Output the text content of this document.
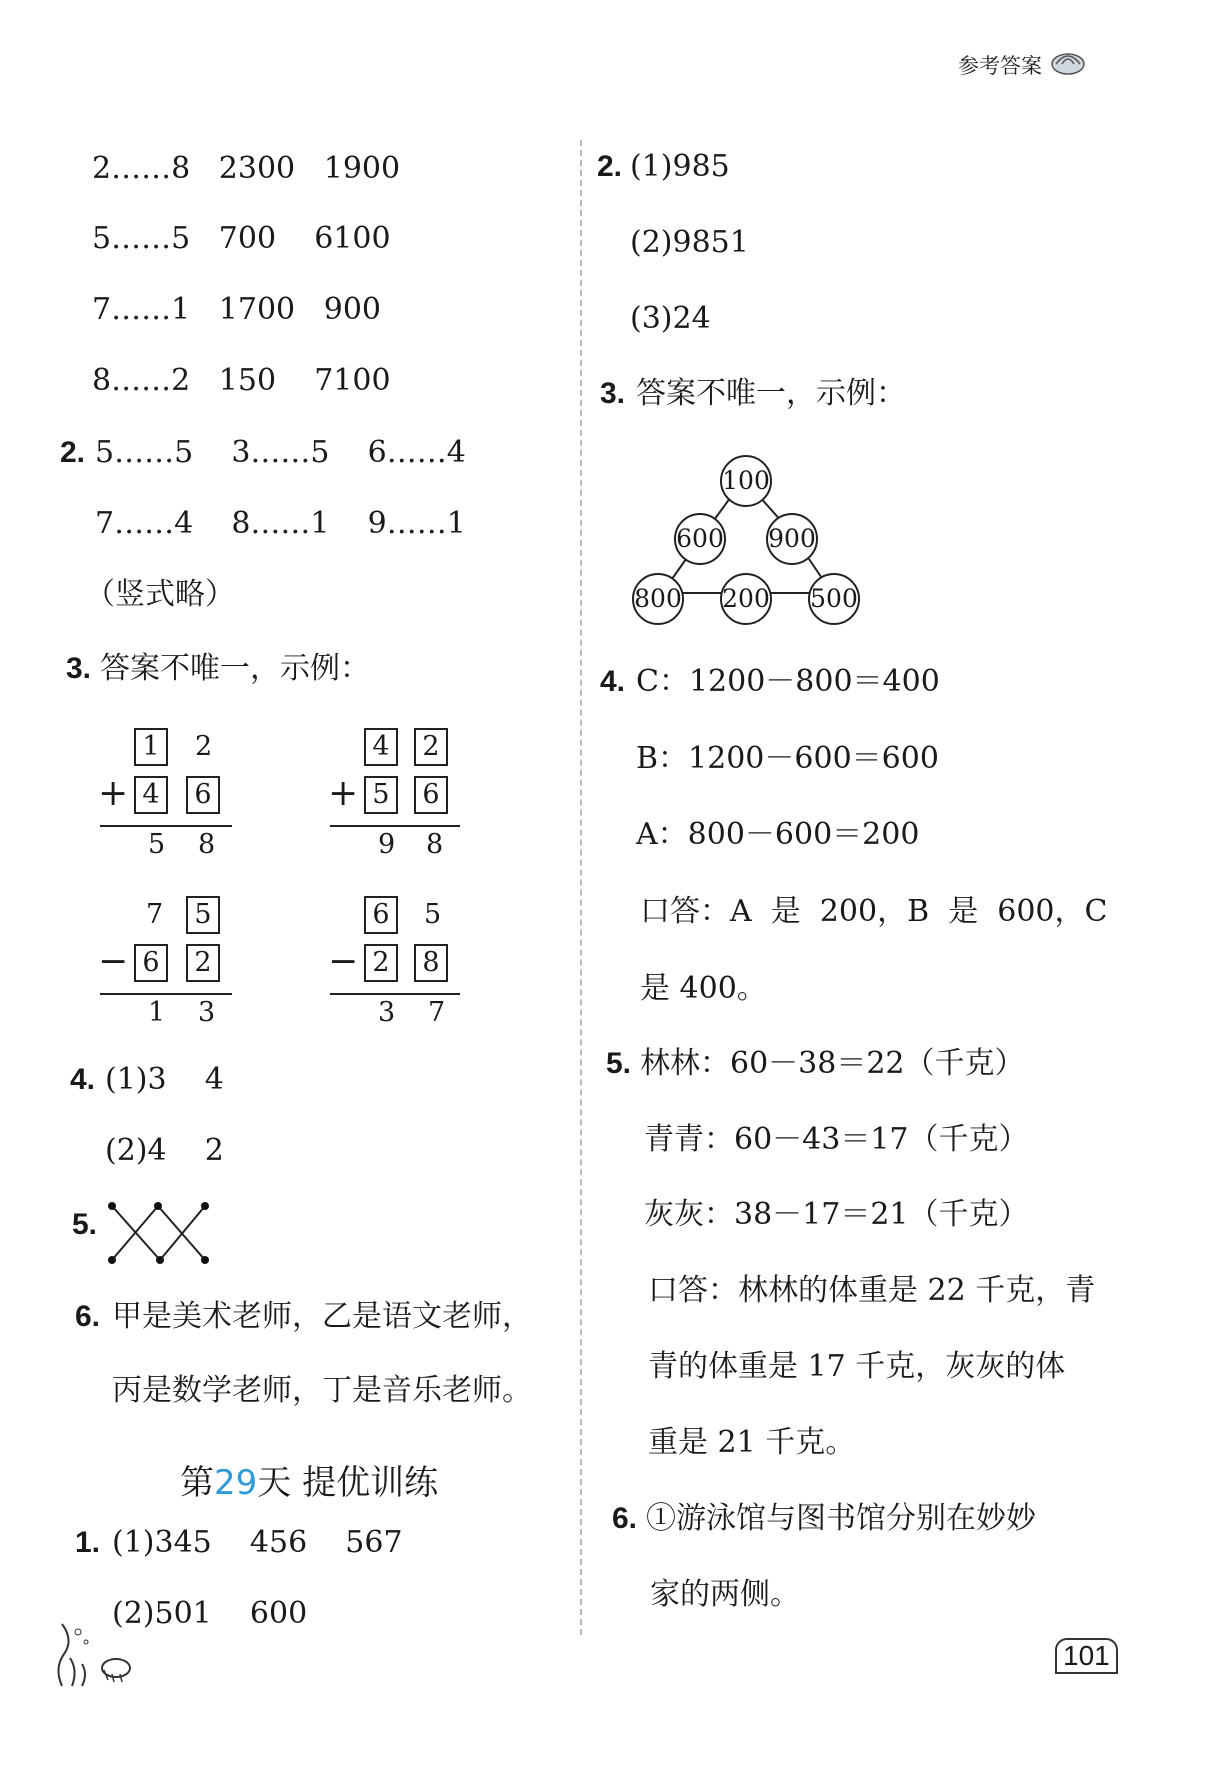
参考答案
2……8   2300   1900
5……5   700    6100
7……1   1700   900
8……2   150    7100
2. 5……5    3……5    6……4
7……4    8……1    9……1
（竖式略）
3. 答案不唯一，示例：
1	2
+ 4	6
5 8
4	2
+ 5	6
9 8
7	5
− 6	2
1 3
6	5
− 2	8
3 7
4. (1)3    4
(2)4    2
5.
6. 甲是美术老师，乙是语文老师，
丙是数学老师，丁是音乐老师。
第29天 提优训练
1. (1)345    456    567
(2)501    600
2. (1)985
(2)9851
(3)24
3. 答案不唯一，示例：
100
600 900
800 200 500
4. C：1200－800＝400
B：1200－600＝600
A：800－600＝200
口答：A  是  200，B  是  600，C
是 400。
5. 林林：60－38＝22（千克）
青青：60－43＝17（千克）
灰灰：38－17＝21（千克）
口答：林林的体重是 22 千克，青
青的体重是 17 千克，灰灰的体
重是 21 千克。
6. ①游泳馆与图书馆分别在妙妙
家的两侧。
101
